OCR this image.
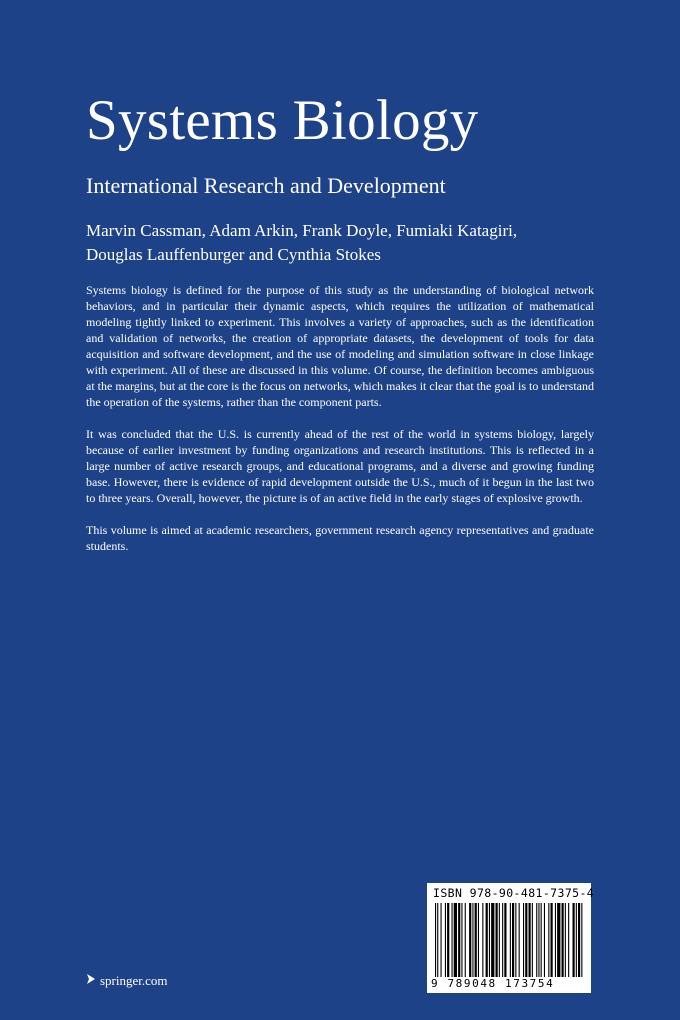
Systems Biology
International Research and Development
Marvin Cassman, Adam Arkin, Frank Doyle, Fumiaki Katagiri,
Douglas Lauffenburger and Cynthia Stokes

Systems biology is defined for the purpose of this study as the understanding of biological network behaviors, and in particular their dynamic aspects, which requires the utilization of mathematical modeling tightly linked to experiment. This involves a variety of approaches, such as the identification and validation of networks, the creation of appropriate datasets, the development of tools for data acquisition and software development, and the use of modeling and simulation software in close linkage with experiment. All of these are discussed in this volume. Of course, the definition becomes ambiguous at the margins, but at the core is the focus on networks, which makes it clear that the goal is to understand the operation of the systems, rather than the component parts.

It was concluded that the U.S. is currently ahead of the rest of the world in systems biology, largely because of earlier investment by funding organizations and research institutions. This is reflected in a large number of active research groups, and educational programs, and a diverse and growing funding base. However, there is evidence of rapid development outside the U.S., much of it begun in the last two to three years. Overall, however, the picture is of an active field in the early stages of explosive growth.

This volume is aimed at academic researchers, government research agency representatives and graduate students.

ISBN 978-90-481-7375-4
9 789048 173754
springer.com
